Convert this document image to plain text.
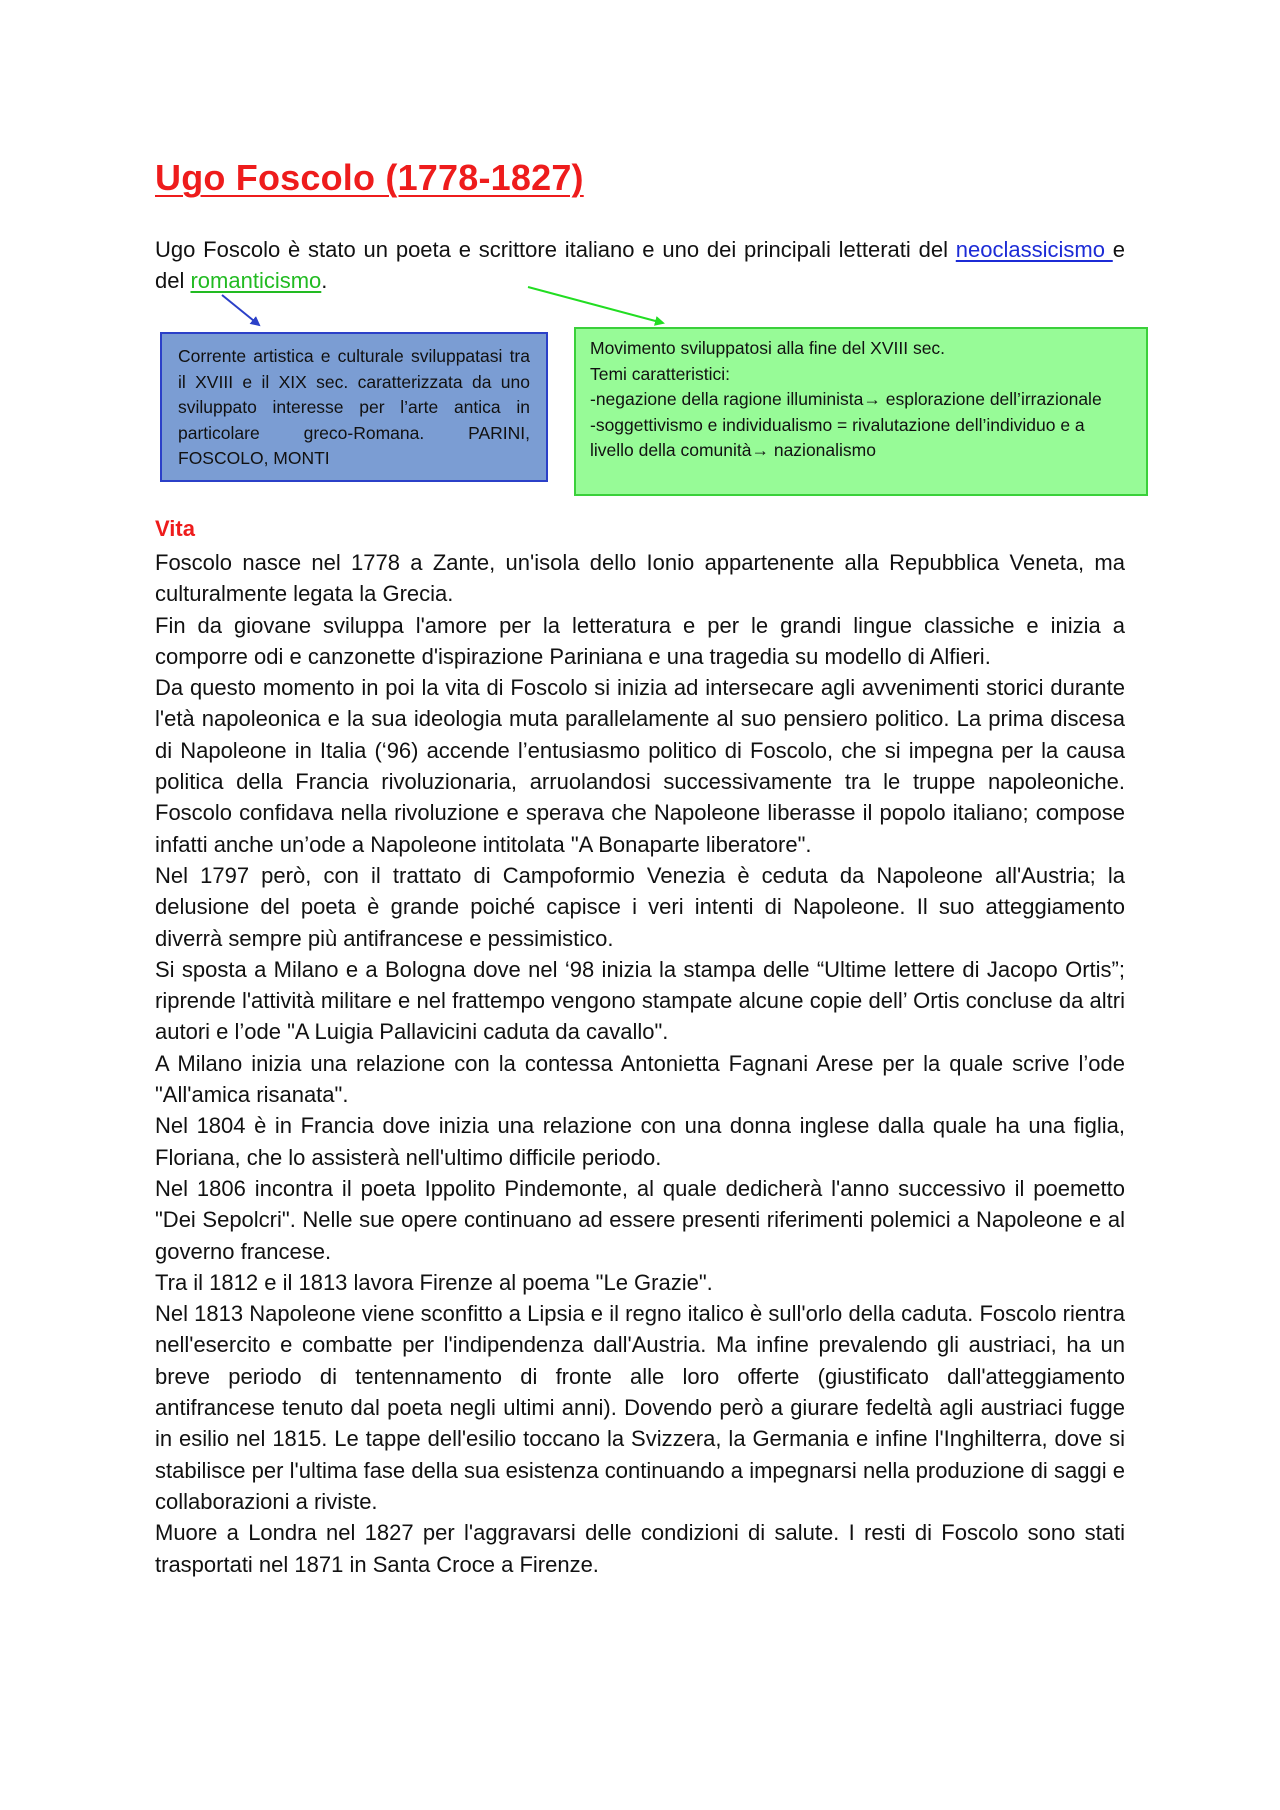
Ugo Foscolo (1778-1827)

Ugo Foscolo è stato un poeta e scrittore italiano e uno dei principali letterati del neoclassicismo e del romanticismo.

Corrente artistica e culturale sviluppatasi tra il XVIII e il XIX sec. caratterizzata da uno sviluppato interesse per l’arte antica in particolare greco-Romana. PARINI, FOSCOLO, MONTI
Movimento sviluppatosi alla fine del XVIII sec.
Temi caratteristici:
-negazione della ragione illuminista→ esplorazione dell’irrazionale
-soggettivismo e individualismo = rivalutazione dell’individuo e a livello della comunità→ nazionalismo
Vita

Foscolo nasce nel 1778 a Zante, un'isola dello Ionio appartenente alla Repubblica Veneta, ma culturalmente legata la Grecia.

Fin da giovane sviluppa l'amore per la letteratura e per le grandi lingue classiche e inizia a comporre odi e canzonette d'ispirazione Pariniana e una tragedia su modello di Alfieri.

Da questo momento in poi la vita di Foscolo si inizia ad intersecare agli avvenimenti storici durante l'età napoleonica e la sua ideologia muta parallelamente al suo pensiero politico. La prima discesa di Napoleone in Italia (‘96) accende l’entusiasmo politico di Foscolo, che si impegna per la causa politica della Francia rivoluzionaria, arruolandosi successivamente tra le truppe napoleoniche. Foscolo confidava nella rivoluzione e sperava che Napoleone liberasse il popolo italiano; compose infatti anche un’ode a Napoleone intitolata "A Bonaparte liberatore".

Nel 1797 però, con il trattato di Campoformio Venezia è ceduta da Napoleone all'Austria; la delusione del poeta è grande poiché capisce i veri intenti di Napoleone. Il suo atteggiamento diverrà sempre più antifrancese e pessimistico.

Si sposta a Milano e a Bologna dove nel ‘98 inizia la stampa delle “Ultime lettere di Jacopo Ortis”; riprende l'attività militare e nel frattempo vengono stampate alcune copie dell’ Ortis concluse da altri autori e l’ode "A Luigia Pallavicini caduta da cavallo".

A Milano inizia una relazione con la contessa Antonietta Fagnani Arese per la quale scrive l’ode "All'amica risanata".

Nel 1804 è in Francia dove inizia una relazione con una donna inglese dalla quale ha una figlia, Floriana, che lo assisterà nell'ultimo difficile periodo.

Nel 1806 incontra il poeta Ippolito Pindemonte, al quale dedicherà l'anno successivo il poemetto "Dei Sepolcri". Nelle sue opere continuano ad essere presenti riferimenti polemici a Napoleone e al governo francese.

Tra il 1812 e il 1813 lavora Firenze al poema "Le Grazie".

Nel 1813 Napoleone viene sconfitto a Lipsia e il regno italico è sull'orlo della caduta. Foscolo rientra nell'esercito e combatte per l'indipendenza dall'Austria. Ma infine prevalendo gli austriaci, ha un breve periodo di tentennamento di fronte alle loro offerte (giustificato dall'atteggiamento antifrancese tenuto dal poeta negli ultimi anni). Dovendo però a giurare fedeltà agli austriaci fugge in esilio nel 1815. Le tappe dell'esilio toccano la Svizzera, la Germania e infine l'Inghilterra, dove si stabilisce per l'ultima fase della sua esistenza continuando a impegnarsi nella produzione di saggi e collaborazioni a riviste.

Muore a Londra nel 1827 per l'aggravarsi delle condizioni di salute. I resti di Foscolo sono stati trasportati nel 1871 in Santa Croce a Firenze.
